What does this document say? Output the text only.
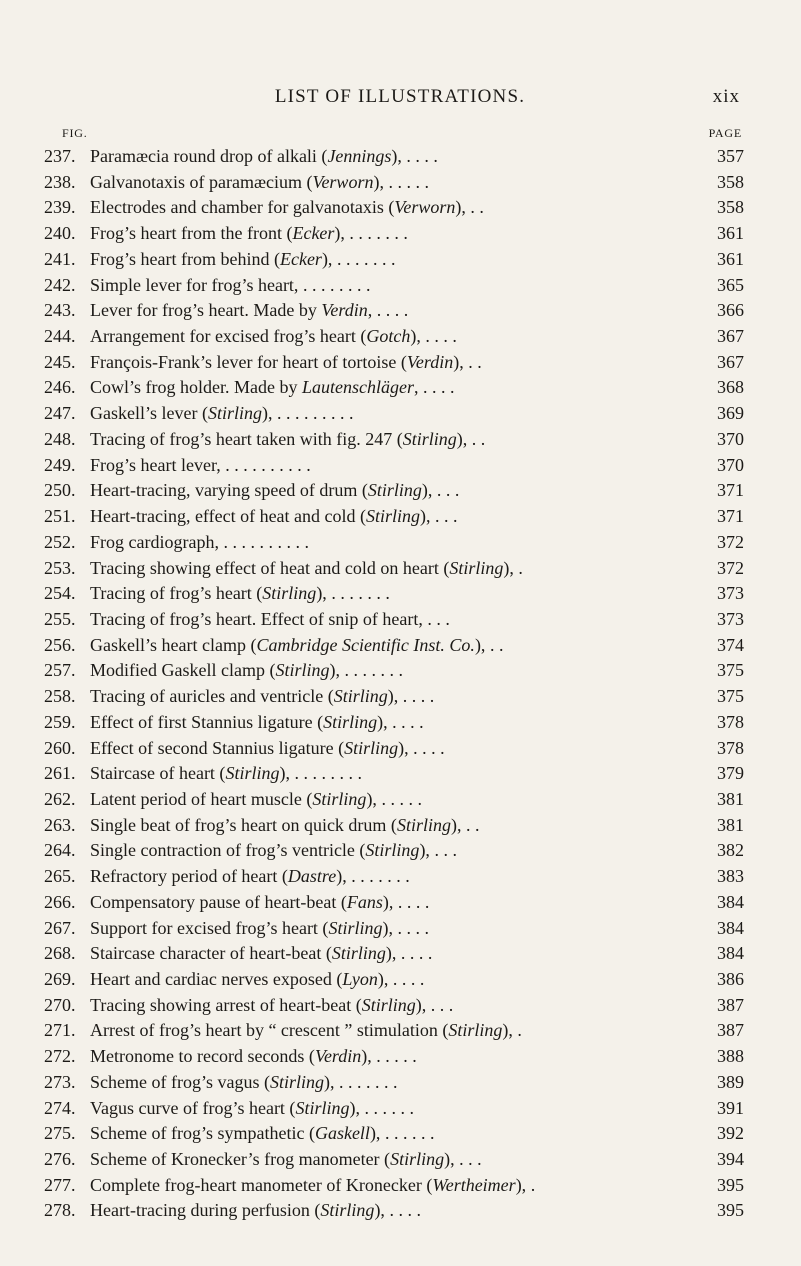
LIST OF ILLUSTRATIONS.	xix
FIG.	PAGE
237. Paramæcia round drop of alkali (Jennings), . . . .	357
238. Galvanotaxis of paramæcium (Verworn), . . . . .	358
239. Electrodes and chamber for galvanotaxis (Verworn), . .	358
240. Frog’s heart from the front (Ecker), . . . . . . .	361
241. Frog’s heart from behind (Ecker), . . . . . . .	361
242. Simple lever for frog’s heart, . . . . . . . .	365
243. Lever for frog’s heart. Made by Verdin, . . . .	366
244. Arrangement for excised frog’s heart (Gotch), . . . .	367
245. François-Frank’s lever for heart of tortoise (Verdin), . .	367
246. Cowl’s frog holder. Made by Lautenschläger, . . . .	368
247. Gaskell’s lever (Stirling), . . . . . . . . .	369
248. Tracing of frog’s heart taken with fig. 247 (Stirling), . .	370
249. Frog’s heart lever, . . . . . . . . . .	370
250. Heart-tracing, varying speed of drum (Stirling), . . .	371
251. Heart-tracing, effect of heat and cold (Stirling), . . .	371
252. Frog cardiograph, . . . . . . . . . .	372
253. Tracing showing effect of heat and cold on heart (Stirling), .	372
254. Tracing of frog’s heart (Stirling), . . . . . . .	373
255. Tracing of frog’s heart. Effect of snip of heart, . . .	373
256. Gaskell’s heart clamp (Cambridge Scientific Inst. Co.), . .	374
257. Modified Gaskell clamp (Stirling), . . . . . . .	375
258. Tracing of auricles and ventricle (Stirling), . . . .	375
259. Effect of first Stannius ligature (Stirling), . . . .	378
260. Effect of second Stannius ligature (Stirling), . . . .	378
261. Staircase of heart (Stirling), . . . . . . . .	379
262. Latent period of heart muscle (Stirling), . . . . .	381
263. Single beat of frog’s heart on quick drum (Stirling), . .	381
264. Single contraction of frog’s ventricle (Stirling), . . .	382
265. Refractory period of heart (Dastre), . . . . . . .	383
266. Compensatory pause of heart-beat (Fans), . . . .	384
267. Support for excised frog’s heart (Stirling), . . . .	384
268. Staircase character of heart-beat (Stirling), . . . .	384
269. Heart and cardiac nerves exposed (Lyon), . . . .	386
270. Tracing showing arrest of heart-beat (Stirling), . . .	387
271. Arrest of frog’s heart by “ crescent ” stimulation (Stirling), .	387
272. Metronome to record seconds (Verdin), . . . . .	388
273. Scheme of frog’s vagus (Stirling), . . . . . . .	389
274. Vagus curve of frog’s heart (Stirling), . . . . . .	391
275. Scheme of frog’s sympathetic (Gaskell), . . . . . .	392
276. Scheme of Kronecker’s frog manometer (Stirling), . . .	394
277. Complete frog-heart manometer of Kronecker (Wertheimer), .	395
278. Heart-tracing during perfusion (Stirling), . . . .	395
